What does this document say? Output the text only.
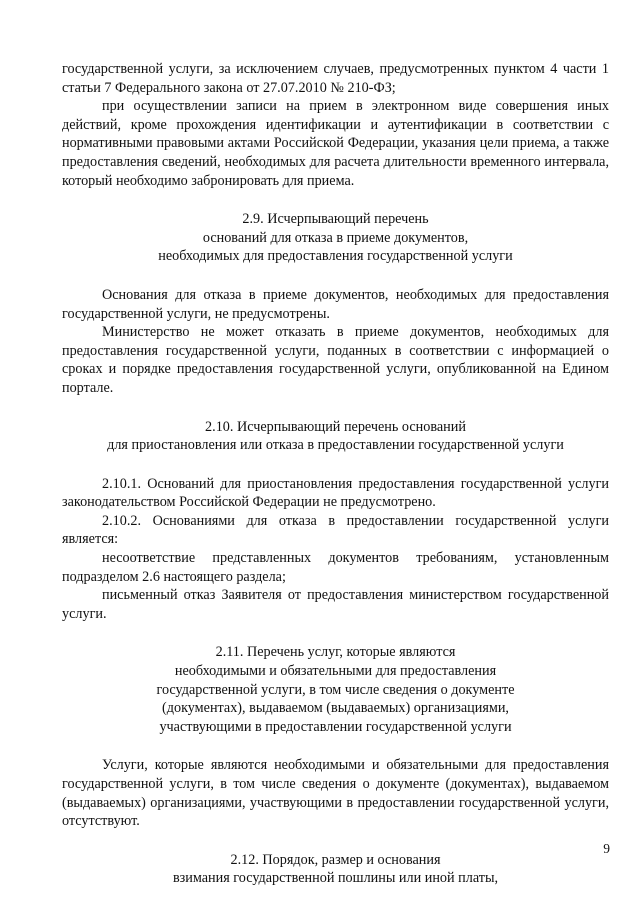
государственной услуги, за исключением случаев, предусмотренных пунктом 4 части 1 статьи 7 Федерального закона от 27.07.2010 № 210-ФЗ;

при осуществлении записи на прием в электронном виде совершения иных действий, кроме прохождения идентификации и аутентификации в соответствии с нормативными правовыми актами Российской Федерации, указания цели приема, а также предоставления сведений, необходимых для расчета длительности временного интервала, который необходимо забронировать для приема.

2.9. Исчерпывающий перечень
оснований для отказа в приеме документов,
необходимых для предоставления государственной услуги

Основания для отказа в приеме документов, необходимых для предоставления государственной услуги, не предусмотрены.

Министерство не может отказать в приеме документов, необходимых для предоставления государственной услуги, поданных в соответствии с информацией о сроках и порядке предоставления государственной услуги, опубликованной на Едином портале.

2.10. Исчерпывающий перечень оснований
для приостановления или отказа в предоставлении государственной услуги

2.10.1. Оснований для приостановления предоставления государственной услуги законодательством Российской Федерации не предусмотрено.

2.10.2. Основаниями для отказа в предоставлении государственной услуги является:

несоответствие представленных документов требованиям, установленным подразделом 2.6 настоящего раздела;

письменный отказ Заявителя от предоставления министерством государственной услуги.

2.11. Перечень услуг, которые являются
необходимыми и обязательными для предоставления
государственной услуги, в том числе сведения о документе
(документах), выдаваемом (выдаваемых) организациями,
участвующими в предоставлении государственной услуги

Услуги, которые являются необходимыми и обязательными для предоставления государственной услуги, в том числе сведения о документе (документах), выдаваемом (выдаваемых) организациями, участвующими в предоставлении государственной услуги, отсутствуют.

2.12. Порядок, размер и основания
взимания государственной пошлины или иной платы,
9
